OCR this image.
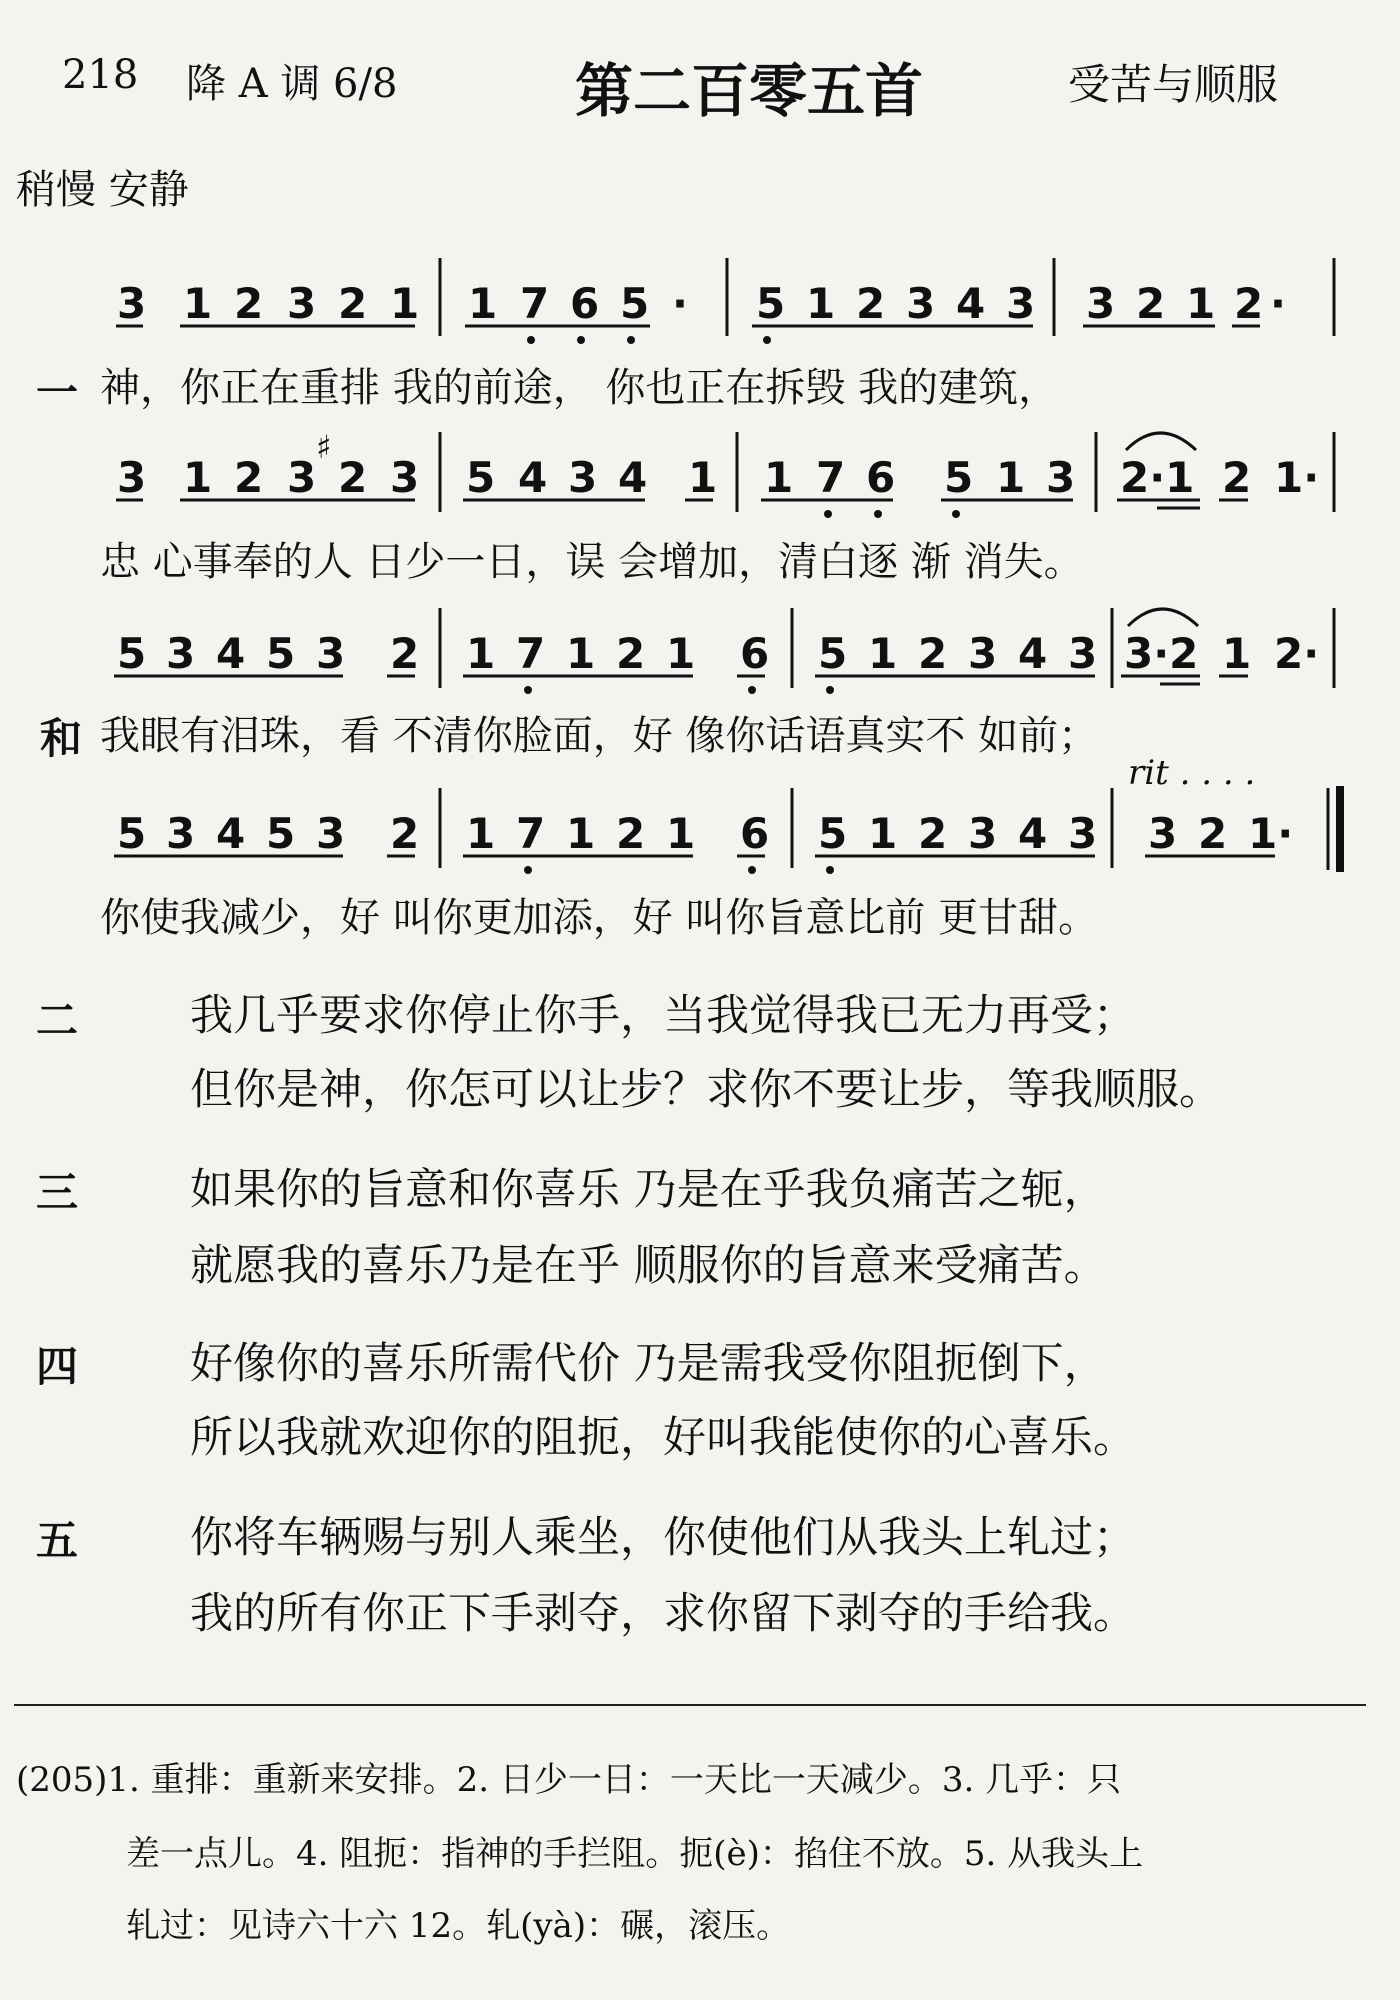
218 降 A 调 6/8	第二百零五首	受苦与顺服
稍慢 安静
3 1 2 3 2 1 1 7 6 5 · 5 1 2 3 4 3 3 2 1 2 ·
3 1 2 3 2 3 5 4 3 4 1 1 7 6 5 1 3 2·1 2 1·
5 3 4 5 3 2 1 7 1 2 1 6 5 1 2 3 4 3 3·2 1 2·
5 3 4 5 3 2 1 7 1 2 1 6 5 1 2 3 4 3 3 2 1·
♯
rit . . . .
一 神，你正在重排 我的前途， 你也正在拆毁 我的建筑，
忠 心事奉的人 日少一日，误 会增加，清白逐 渐 消失。
和 我眼有泪珠，看 不清你脸面，好 像你话语真实不 如前；
你使我减少，好 叫你更加添，好 叫你旨意比前 更甘甜。
二	我几乎要求你停止你手，当我觉得我已无力再受；
但你是神，你怎可以让步？求你不要让步，等我顺服。
三	如果你的旨意和你喜乐 乃是在乎我负痛苦之轭，
就愿我的喜乐乃是在乎 顺服你的旨意来受痛苦。
四	好像你的喜乐所需代价 乃是需我受你阻扼倒下，
所以我就欢迎你的阻扼，好叫我能使你的心喜乐。
五	你将车辆赐与别人乘坐，你使他们从我头上轧过；
我的所有你正下手剥夺，求你留下剥夺的手给我。
(205)1. 重排：重新来安排。2. 日少一日：一天比一天减少。3. 几乎：只
差一点儿。4. 阻扼：指神的手拦阻。扼(è)：掐住不放。5. 从我头上
轧过：见诗六十六 12。轧(yà)：碾，滚压。
